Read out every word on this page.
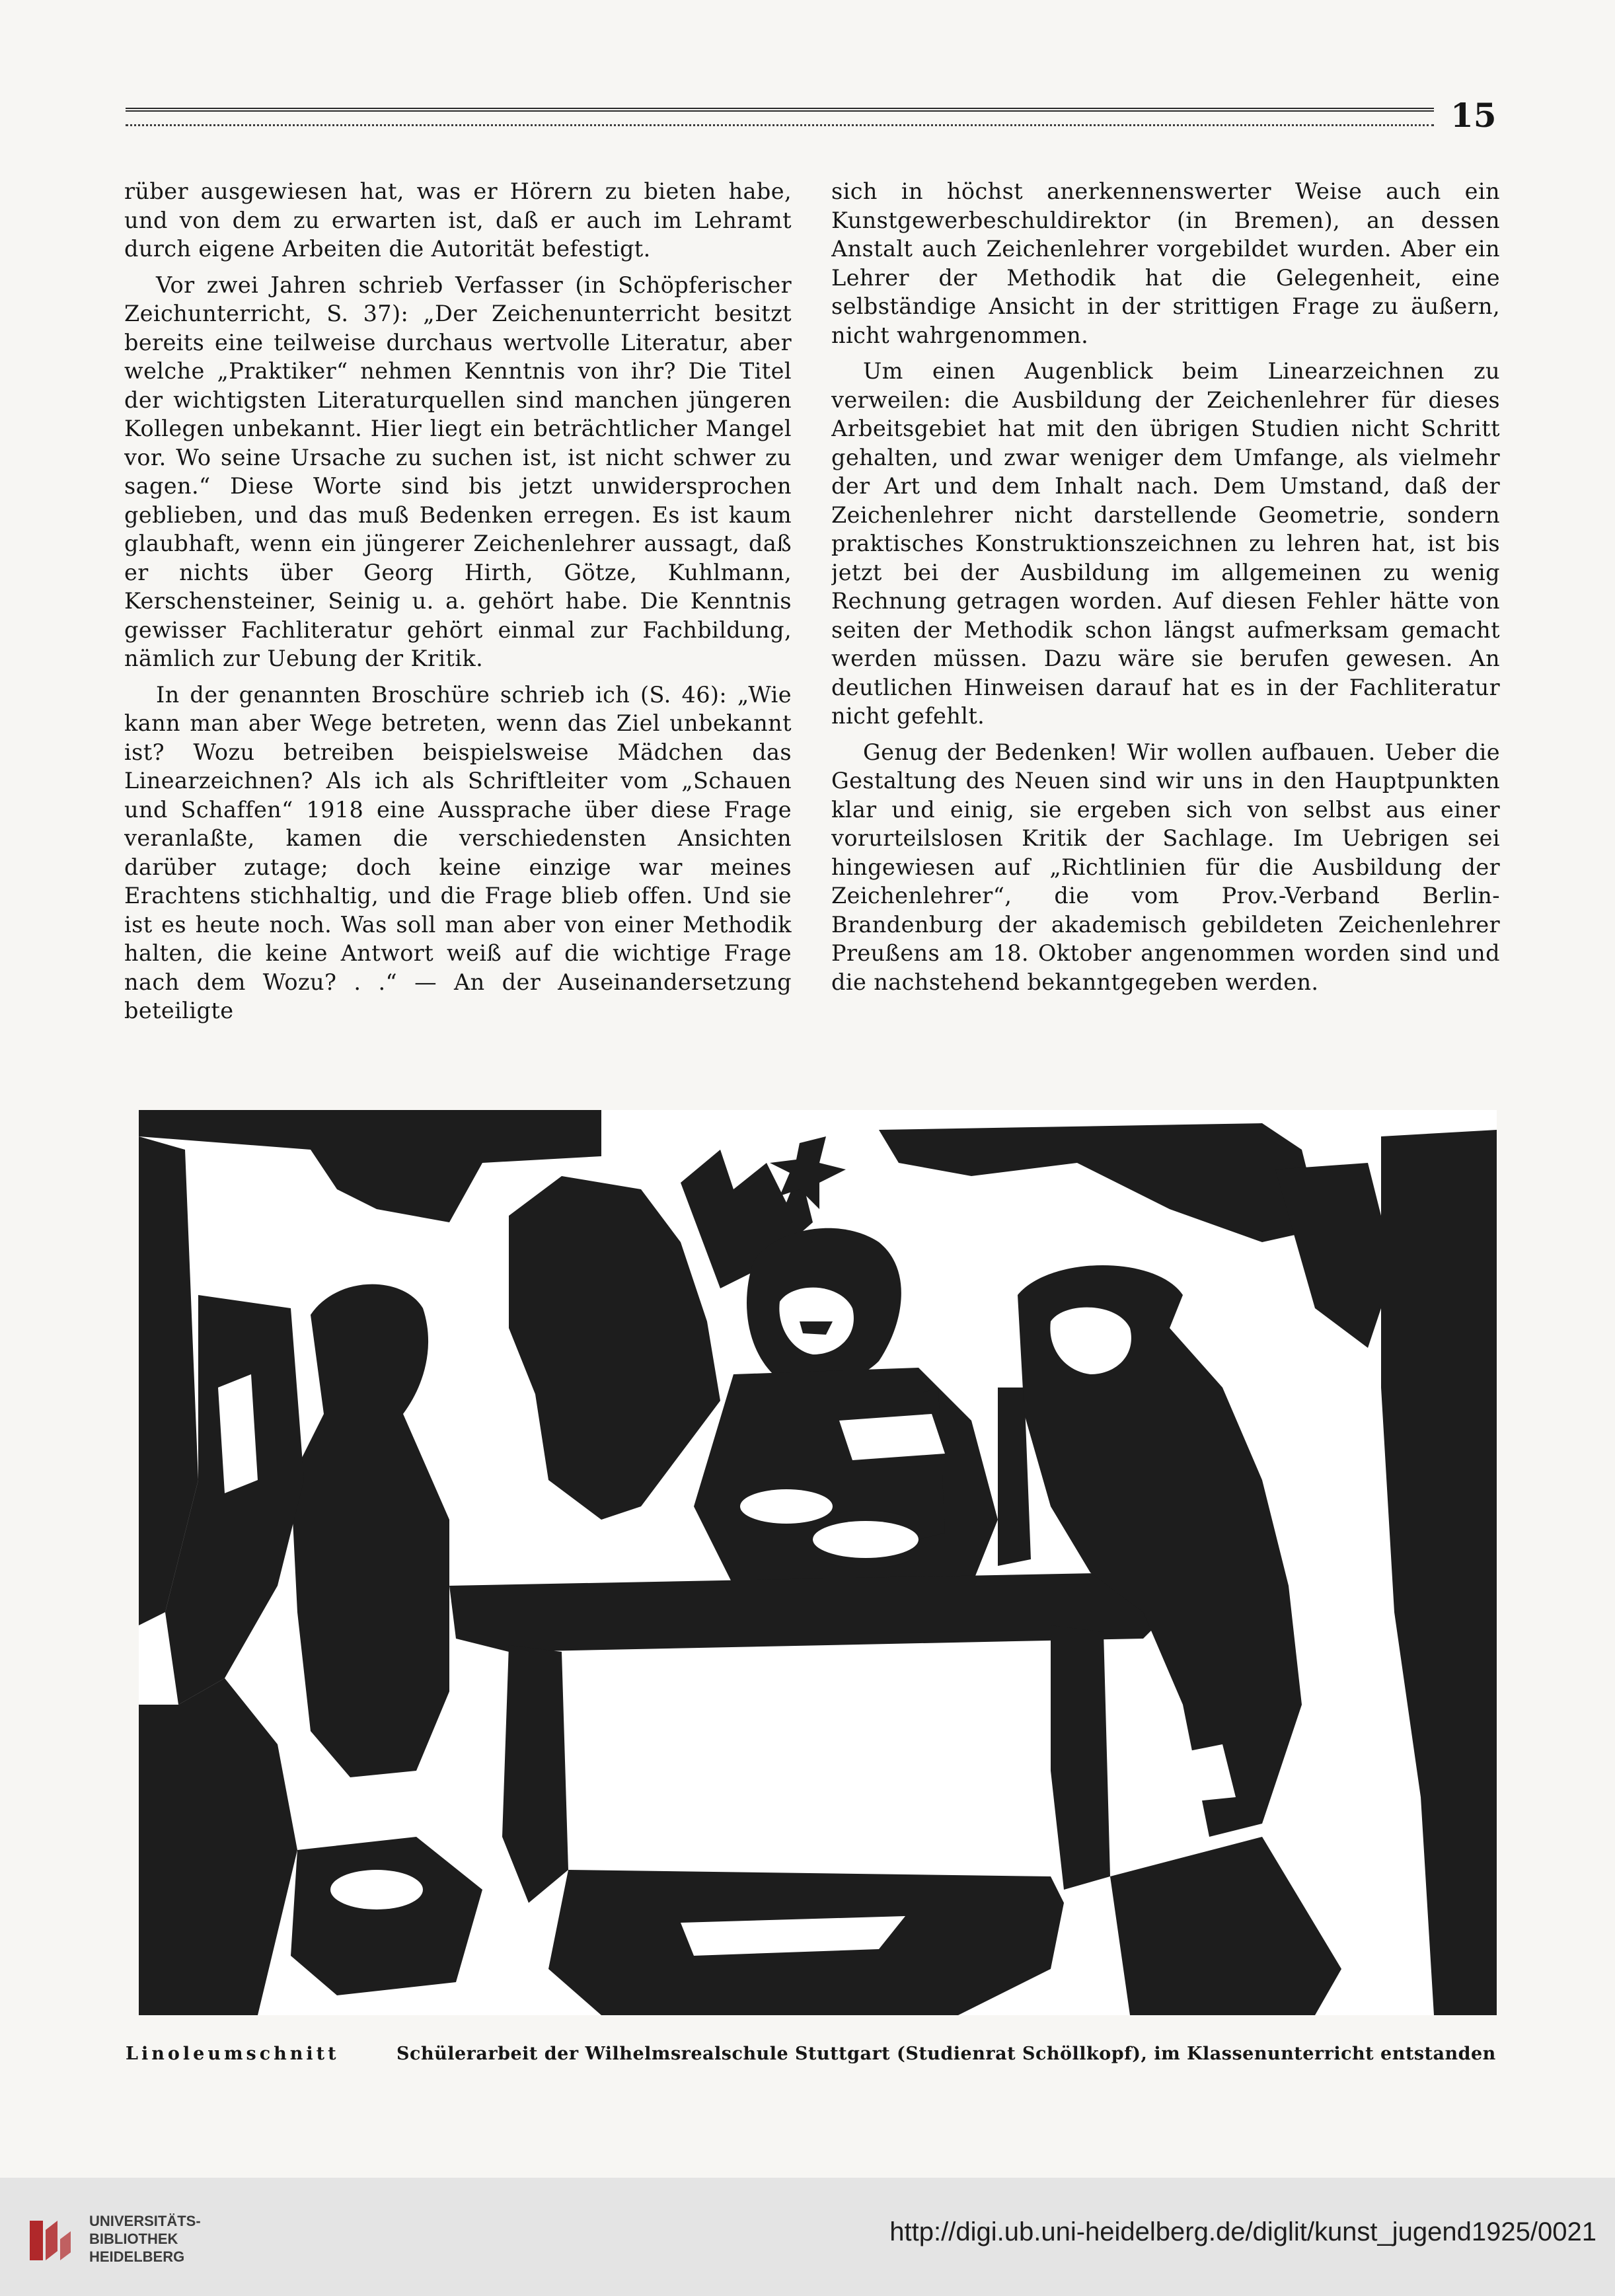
15

rüber ausgewiesen hat, was er Hörern zu bieten habe, und von dem zu erwarten ist, daß er auch im Lehramt durch eigene Arbeiten die Autorität befestigt.

Vor zwei Jahren schrieb Verfasser (in Schöpferischer Zeichunterricht, S. 37): „Der Zeichenunterricht besitzt bereits eine teilweise durchaus wertvolle Literatur, aber welche „Praktiker“ nehmen Kenntnis von ihr? Die Titel der wichtigsten Literaturquellen sind manchen jüngeren Kollegen unbekannt. Hier liegt ein beträchtlicher Mangel vor. Wo seine Ursache zu suchen ist, ist nicht schwer zu sagen.“ Diese Worte sind bis jetzt unwidersprochen geblieben, und das muß Bedenken erregen. Es ist kaum glaubhaft, wenn ein jüngerer Zeichenlehrer aussagt, daß er nichts über Georg Hirth, Götze, Kuhlmann, Kerschensteiner, Seinig u. a. gehört habe. Die Kenntnis gewisser Fachliteratur gehört einmal zur Fachbildung, nämlich zur Uebung der Kritik.

In der genannten Broschüre schrieb ich (S. 46): „Wie kann man aber Wege betreten, wenn das Ziel unbekannt ist? Wozu betreiben beispielsweise Mädchen das Linearzeichnen? Als ich als Schriftleiter vom „Schauen und Schaffen“ 1918 eine Aussprache über diese Frage veranlaßte, kamen die verschiedensten Ansichten darüber zutage; doch keine einzige war meines Erachtens stichhaltig, und die Frage blieb offen. Und sie ist es heute noch. Was soll man aber von einer Methodik halten, die keine Antwort weiß auf die wichtige Frage nach dem Wozu? . .“ — An der Auseinandersetzung beteiligte

sich in höchst anerkennenswerter Weise auch ein Kunstgewerbeschuldirektor (in Bremen), an dessen Anstalt auch Zeichenlehrer vorgebildet wurden. Aber ein Lehrer der Methodik hat die Gelegenheit, eine selbständige Ansicht in der strittigen Frage zu äußern, nicht wahrgenommen.

Um einen Augenblick beim Linearzeichnen zu verweilen: die Ausbildung der Zeichenlehrer für dieses Arbeitsgebiet hat mit den übrigen Studien nicht Schritt gehalten, und zwar weniger dem Umfange, als vielmehr der Art und dem Inhalt nach. Dem Umstand, daß der Zeichenlehrer nicht darstellende Geometrie, sondern praktisches Konstruktionszeichnen zu lehren hat, ist bis jetzt bei der Ausbildung im allgemeinen zu wenig Rechnung getragen worden. Auf diesen Fehler hätte von seiten der Methodik schon längst aufmerksam gemacht werden müssen. Dazu wäre sie berufen gewesen. An deutlichen Hinweisen darauf hat es in der Fachliteratur nicht gefehlt.

Genug der Bedenken! Wir wollen aufbauen. Ueber die Gestaltung des Neuen sind wir uns in den Hauptpunkten klar und einig, sie ergeben sich von selbst aus einer vorurteilslosen Kritik der Sachlage. Im Uebrigen sei hingewiesen auf „Richtlinien für die Ausbildung der Zeichenlehrer“, die vom Prov.-Verband Berlin-Brandenburg der akademisch gebildeten Zeichenlehrer Preußens am 18. Oktober angenommen worden sind und die nachstehend bekanntgegeben werden.

Linoleumschnitt	Schülerarbeit der Wilhelmsrealschule Stuttgart (Studienrat Schöllkopf), im Klassenunterricht entstanden
UNIVERSITÄTS-
BIBLIOTHEK
HEIDELBERG
http://digi.ub.uni-heidelberg.de/diglit/kunst_jugend1925/0021
